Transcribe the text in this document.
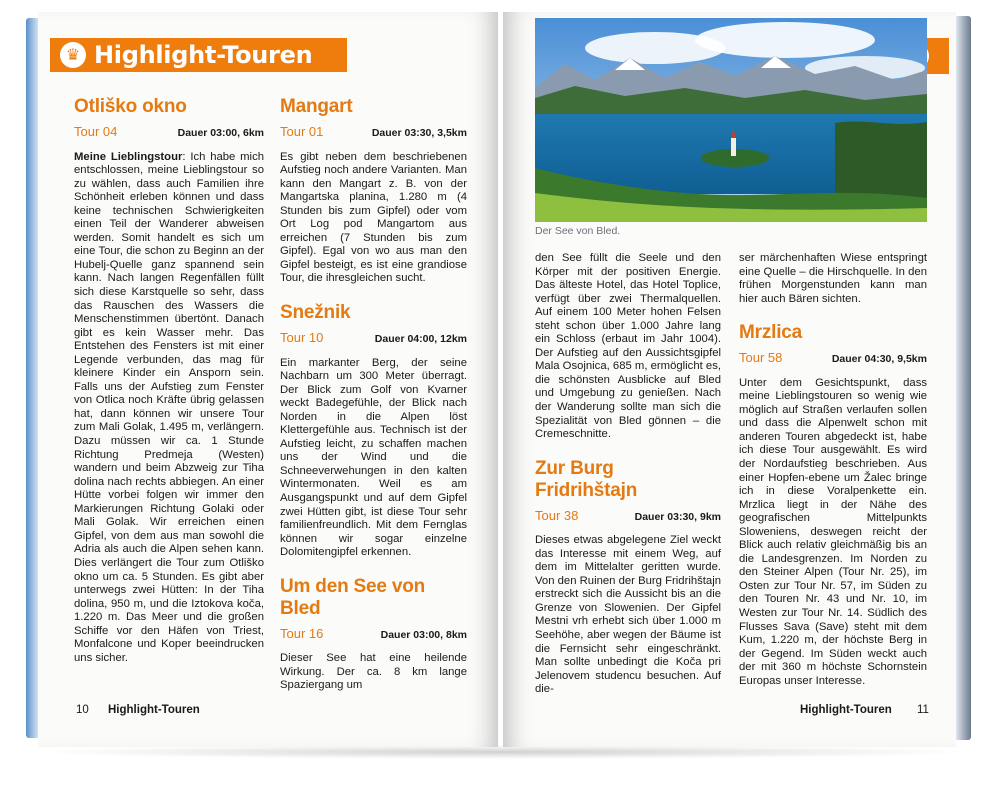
♛ Highlight-Touren
Otliško okno
Tour 04	Dauer 03:00, 6km

Meine Lieblingstour: Ich habe mich entschlossen, meine Lieblingstour so zu wählen, dass auch Familien ihre Schönheit erleben können und dass keine technischen Schwierigkeiten einen Teil der Wanderer abweisen werden. Somit handelt es sich um eine Tour, die schon zu Beginn an der Hubelj-Quelle ganz spannend sein kann. Nach langen Regenfällen füllt sich diese Karstquelle so sehr, dass das Rauschen des Wassers die Menschenstimmen übertönt. Danach gibt es kein Wasser mehr. Das Entstehen des Fensters ist mit einer Legende verbunden, das mag für kleinere Kinder ein Ansporn sein. Falls uns der Aufstieg zum Fenster von Otlica noch Kräfte übrig gelassen hat, dann können wir unsere Tour zum Mali Golak, 1.495 m, verlängern. Dazu müssen wir ca. 1 Stunde Richtung Predmeja (Westen) wandern und beim Abzweig zur Tiha dolina nach rechts abbiegen. An einer Hütte vorbei folgen wir immer den Markierungen Richtung Golaki oder Mali Golak. Wir erreichen einen Gipfel, von dem aus man sowohl die Adria als auch die Alpen sehen kann. Dies verlängert die Tour zum Otliško okno um ca. 5 Stunden. Es gibt aber unterwegs zwei Hütten: In der Tiha dolina, 950 m, und die Iztokova koča, 1.220 m. Das Meer und die großen Schiffe vor den Häfen von Triest, Monfalcone und Koper beeindrucken uns sicher.

Mangart
Tour 01	Dauer 03:30, 3,5km

Es gibt neben dem beschriebenen Aufstieg noch andere Varianten. Man kann den Mangart z. B. von der Mangartska planina, 1.280 m (4 Stunden bis zum Gipfel) oder vom Ort Log pod Mangartom aus erreichen (7 Stunden bis zum Gipfel). Egal von wo aus man den Gipfel besteigt, es ist eine grandiose Tour, die ihresgleichen sucht.

Snežnik
Tour 10	Dauer 04:00, 12km

Ein markanter Berg, der seine Nachbarn um 300 Meter überragt. Der Blick zum Golf von Kvarner weckt Badegefühle, der Blick nach Norden in die Alpen löst Klettergefühle aus. Technisch ist der Aufstieg leicht, zu schaffen machen uns der Wind und die Schneeverwehungen in den kalten Wintermonaten. Weil es am Ausgangspunkt und auf dem Gipfel zwei Hütten gibt, ist diese Tour sehr familienfreundlich. Mit dem Fernglas können wir sogar einzelne Dolomitengipfel erkennen.

Um den See von Bled
Tour 16	Dauer 03:00, 8km

Dieser See hat eine heilende Wirkung. Der ca. 8 km lange Spaziergang um

10 Highlight-Touren
Der See von Bled.

den See füllt die Seele und den Körper mit der positiven Energie. Das älteste Hotel, das Hotel Toplice, verfügt über zwei Thermalquellen. Auf einem 100 Meter hohen Felsen steht schon über 1.000 Jahre lang ein Schloss (erbaut im Jahr 1004). Der Aufstieg auf den Aussichtsgipfel Mala Osojnica, 685 m, ermöglicht es, die schönsten Ausblicke auf Bled und Umgebung zu genießen. Nach der Wanderung sollte man sich die Spezialität von Bled gönnen – die Cremeschnitte.

Zur Burg Fridrihštajn
Tour 38	Dauer 03:30, 9km

Dieses etwas abgelegene Ziel weckt das Interesse mit einem Weg, auf dem im Mittelalter geritten wurde. Von den Ruinen der Burg Fridrihštajn erstreckt sich die Aussicht bis an die Grenze von Slowenien. Der Gipfel Mestni vrh erhebt sich über 1.000 m Seehöhe, aber wegen der Bäume ist die Fernsicht sehr eingeschränkt. Man sollte unbedingt die Koča pri Jelenovem studencu besuchen. Auf die-

ser märchenhaften Wiese entspringt eine Quelle – die Hirschquelle. In den frühen Morgenstunden kann man hier auch Bären sichten.

Mrzlica
Tour 58	Dauer 04:30, 9,5km

Unter dem Gesichtspunkt, dass meine Lieblingstouren so wenig wie möglich auf Straßen verlaufen sollen und dass die Alpenwelt schon mit anderen Touren abgedeckt ist, habe ich diese Tour ausgewählt. Es wird der Nordaufstieg beschrieben. Aus einer Hopfen-ebene um Žalec bringe ich in diese Voralpenkette ein. Mrzlica liegt in der Nähe des geografischen Mittelpunkts Sloweniens, deswegen reicht der Blick auch relativ gleichmäßig bis an die Landesgrenzen. Im Norden zu den Steiner Alpen (Tour Nr. 25), im Osten zur Tour Nr. 57, im Süden zu den Touren Nr. 43 und Nr. 10, im Westen zur Tour Nr. 14. Südlich des Flusses Sava (Save) steht mit dem Kum, 1.220 m, der höchste Berg in der Gegend. Im Süden weckt auch der mit 360 m höchste Schornstein Europas unser Interesse.

Highlight-Touren 11
